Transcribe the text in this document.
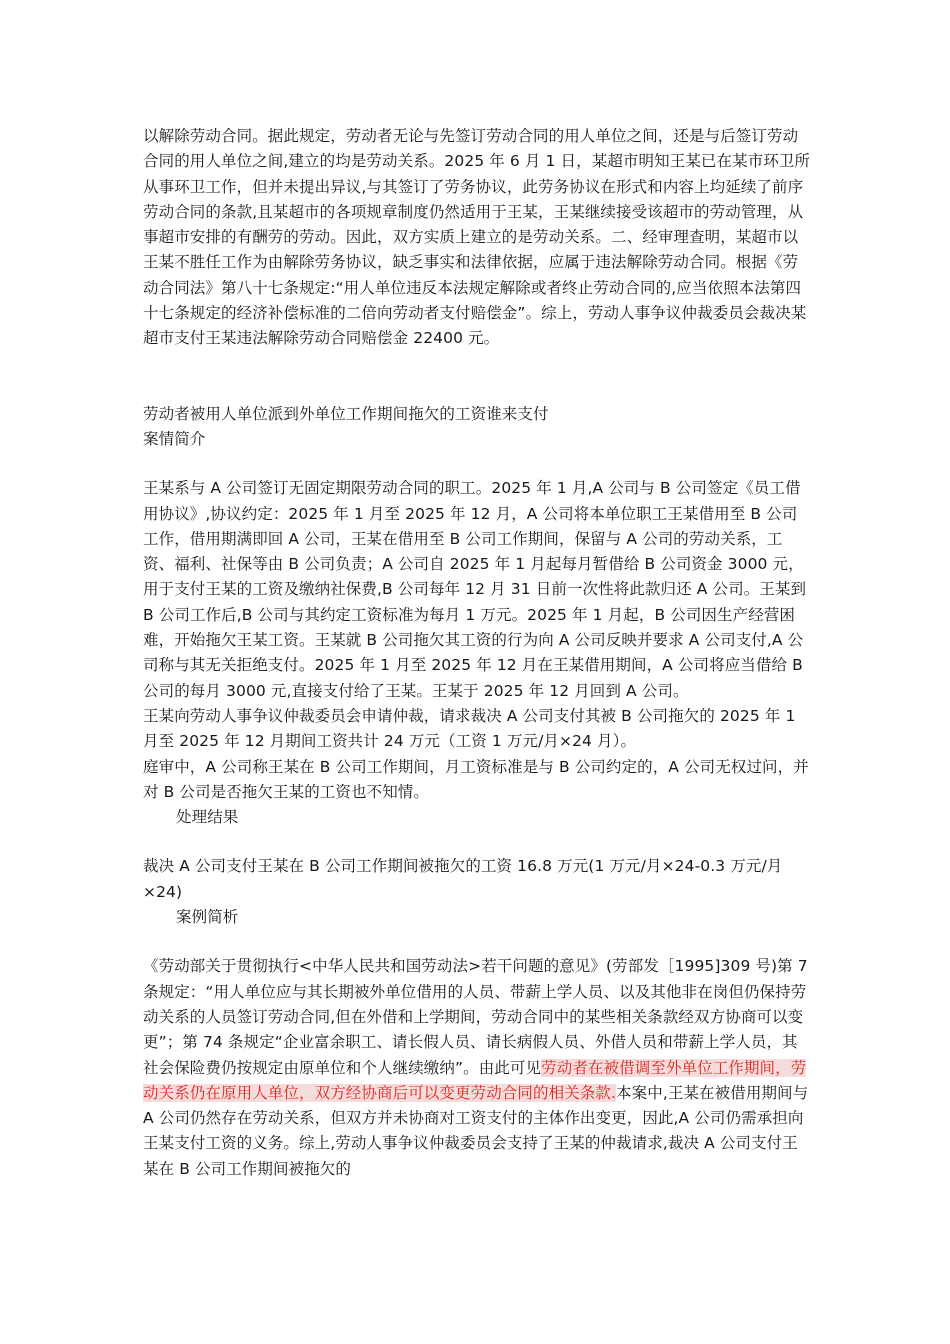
以解除劳动合同。据此规定，劳动者无论与先签订劳动合同的用人单位之间，还是与后签订劳动合同的用人单位之间,建立的均是劳动关系。2025 年 6 月 1 日，某超市明知王某已在某市环卫所从事环卫工作，但并未提出异议,与其签订了劳务协议，此劳务协议在形式和内容上均延续了前序劳动合同的条款,且某超市的各项规章制度仍然适用于王某，王某继续接受该超市的劳动管理，从事超市安排的有酬劳的劳动。因此，双方实质上建立的是劳动关系。二、经审理查明，某超市以王某不胜任工作为由解除劳务协议，缺乏事实和法律依据，应属于违法解除劳动合同。根据《劳动合同法》第八十七条规定:“用人单位违反本法规定解除或者终止劳动合同的,应当依照本法第四十七条规定的经济补偿标准的二倍向劳动者支付赔偿金”。综上，劳动人事争议仲裁委员会裁决某超市支付王某违法解除劳动合同赔偿金 22400 元。

劳动者被用人单位派到外单位工作期间拖欠的工资谁来支付

案情简介

王某系与 A 公司签订无固定期限劳动合同的职工。2025 年 1 月,A 公司与 B 公司签定《员工借用协议》,协议约定：2025 年 1 月至 2025 年 12 月，A 公司将本单位职工王某借用至 B 公司工作，借用期满即回 A 公司，王某在借用至 B 公司工作期间，保留与 A 公司的劳动关系，工资、福利、社保等由 B 公司负责；A 公司自 2025 年 1 月起每月暂借给 B 公司资金 3000 元，用于支付王某的工资及缴纳社保费,B 公司每年 12 月 31 日前一次性将此款归还 A 公司。王某到 B 公司工作后,B 公司与其约定工资标准为每月 1 万元。2025 年 1 月起，B 公司因生产经营困难，开始拖欠王某工资。王某就 B 公司拖欠其工资的行为向 A 公司反映并要求 A 公司支付,A 公司称与其无关拒绝支付。2025 年 1 月至 2025 年 12 月在王某借用期间，A 公司将应当借给 B 公司的每月 3000 元,直接支付给了王某。王某于 2025 年 12 月回到 A 公司。

王某向劳动人事争议仲裁委员会申请仲裁，请求裁决 A 公司支付其被 B 公司拖欠的 2025 年 1 月至 2025 年 12 月期间工资共计 24 万元（工资 1 万元/月×24 月）。

庭审中，A 公司称王某在 B 公司工作期间，月工资标准是与 B 公司约定的，A 公司无权过问，并对 B 公司是否拖欠王某的工资也不知情。

处理结果

裁决 A 公司支付王某在 B 公司工作期间被拖欠的工资 16.8 万元(1 万元/月×24-0.3 万元/月×24)

案例简析

《劳动部关于贯彻执行<中华人民共和国劳动法>若干问题的意见》(劳部发［1995]309 号)第 7 条规定：“用人单位应与其长期被外单位借用的人员、带薪上学人员、以及其他非在岗但仍保持劳动关系的人员签订劳动合同,但在外借和上学期间，劳动合同中的某些相关条款经双方协商可以变更”；第 74 条规定“企业富余职工、请长假人员、请长病假人员、外借人员和带薪上学人员，其社会保险费仍按规定由原单位和个人继续缴纳”。由此可见劳动者在被借调至外单位工作期间，劳动关系仍在原用人单位，双方经协商后可以变更劳动合同的相关条款.本案中,王某在被借用期间与 A 公司仍然存在劳动关系，但双方并未协商对工资支付的主体作出变更，因此,A 公司仍需承担向王某支付工资的义务。综上,劳动人事争议仲裁委员会支持了王某的仲裁请求,裁决 A 公司支付王某在 B 公司工作期间被拖欠的
